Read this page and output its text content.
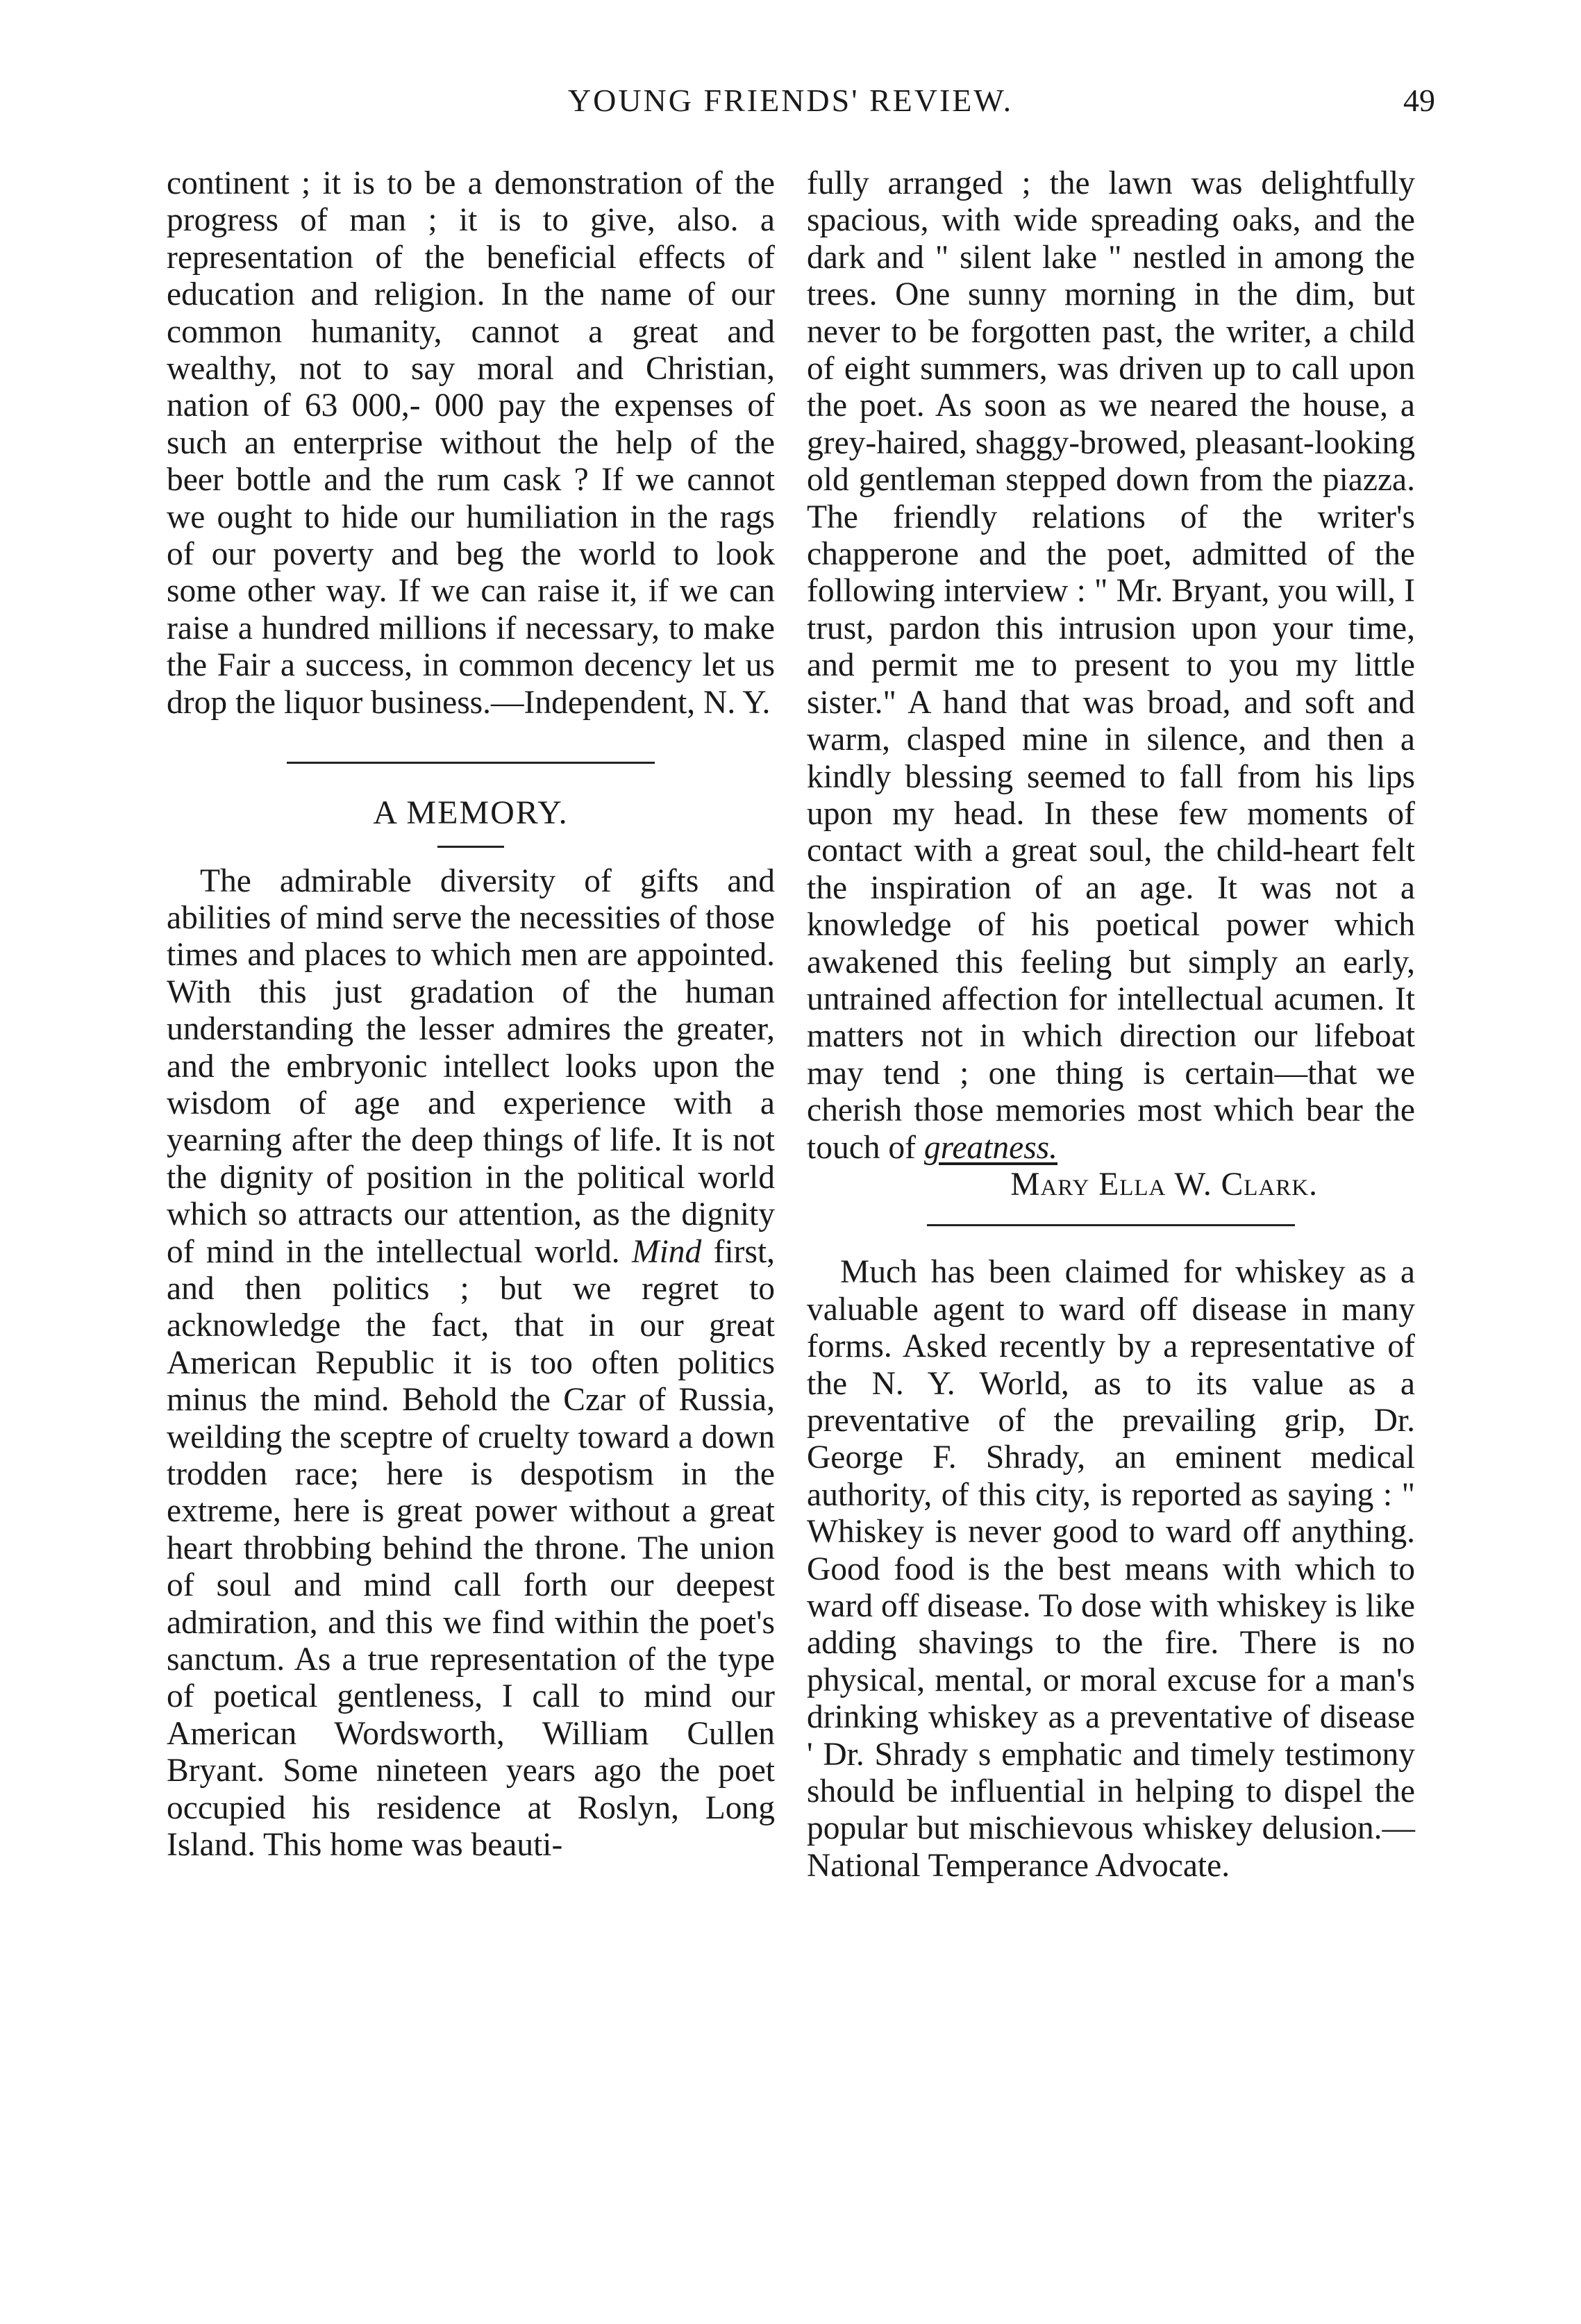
YOUNG FRIENDS' REVIEW.	49

continent ; it is to be a demonstration of the progress of man ; it is to give, also. a representation of the beneficial effects of education and religion. In the name of our common humanity, cannot a great and wealthy, not to say moral and Christian, nation of 63 000,- 000 pay the expenses of such an enterprise without the help of the beer bottle and the rum cask ? If we cannot we ought to hide our humiliation in the rags of our poverty and beg the world to look some other way. If we can raise it, if we can raise a hundred millions if necessary, to make the Fair a success, in common decency let us drop the liquor business.—Independent, N. Y.

A MEMORY.

The admirable diversity of gifts and abilities of mind serve the necessities of those times and places to which men are appointed. With this just gradation of the human understanding the lesser admires the greater, and the embryonic intellect looks upon the wisdom of age and experience with a yearning after the deep things of life. It is not the dignity of position in the political world which so attracts our attention, as the dignity of mind in the intellectual world. Mind first, and then politics ; but we regret to acknowledge the fact, that in our great American Republic it is too often politics minus the mind. Behold the Czar of Russia, weilding the sceptre of cruelty toward a down trodden race; here is despotism in the extreme, here is great power without a great heart throbbing behind the throne. The union of soul and mind call forth our deepest admiration, and this we find within the poet's sanctum. As a true representation of the type of poetical gentleness, I call to mind our American Wordsworth, William Cullen Bryant. Some nineteen years ago the poet occupied his residence at Roslyn, Long Island. This home was beauti-

fully arranged ; the lawn was delightfully spacious, with wide spreading oaks, and the dark and " silent lake " nestled in among the trees. One sunny morning in the dim, but never to be forgotten past, the writer, a child of eight summers, was driven up to call upon the poet. As soon as we neared the house, a grey-haired, shaggy-browed, pleasant-looking old gentleman stepped down from the piazza. The friendly relations of the writer's chapperone and the poet, admitted of the following interview : " Mr. Bryant, you will, I trust, pardon this intrusion upon your time, and permit me to present to you my little sister." A hand that was broad, and soft and warm, clasped mine in silence, and then a kindly blessing seemed to fall from his lips upon my head. In these few moments of contact with a great soul, the child-heart felt the inspiration of an age. It was not a knowledge of his poetical power which awakened this feeling but simply an early, untrained affection for intellectual acumen. It matters not in which direction our lifeboat may tend ; one thing is certain—that we cherish those memories most which bear the touch of greatness.

Mary Ella W. Clark.

Much has been claimed for whiskey as a valuable agent to ward off disease in many forms. Asked recently by a representative of the N. Y. World, as to its value as a preventative of the prevailing grip, Dr. George F. Shrady, an eminent medical authority, of this city, is reported as saying : " Whiskey is never good to ward off anything. Good food is the best means with which to ward off disease. To dose with whiskey is like adding shavings to the fire. There is no physical, mental, or moral excuse for a man's drinking whiskey as a preventative of disease ' Dr. Shrady s emphatic and timely testimony should be influential in helping to dispel the popular but mischievous whiskey delusion.—National Temperance Advocate.
